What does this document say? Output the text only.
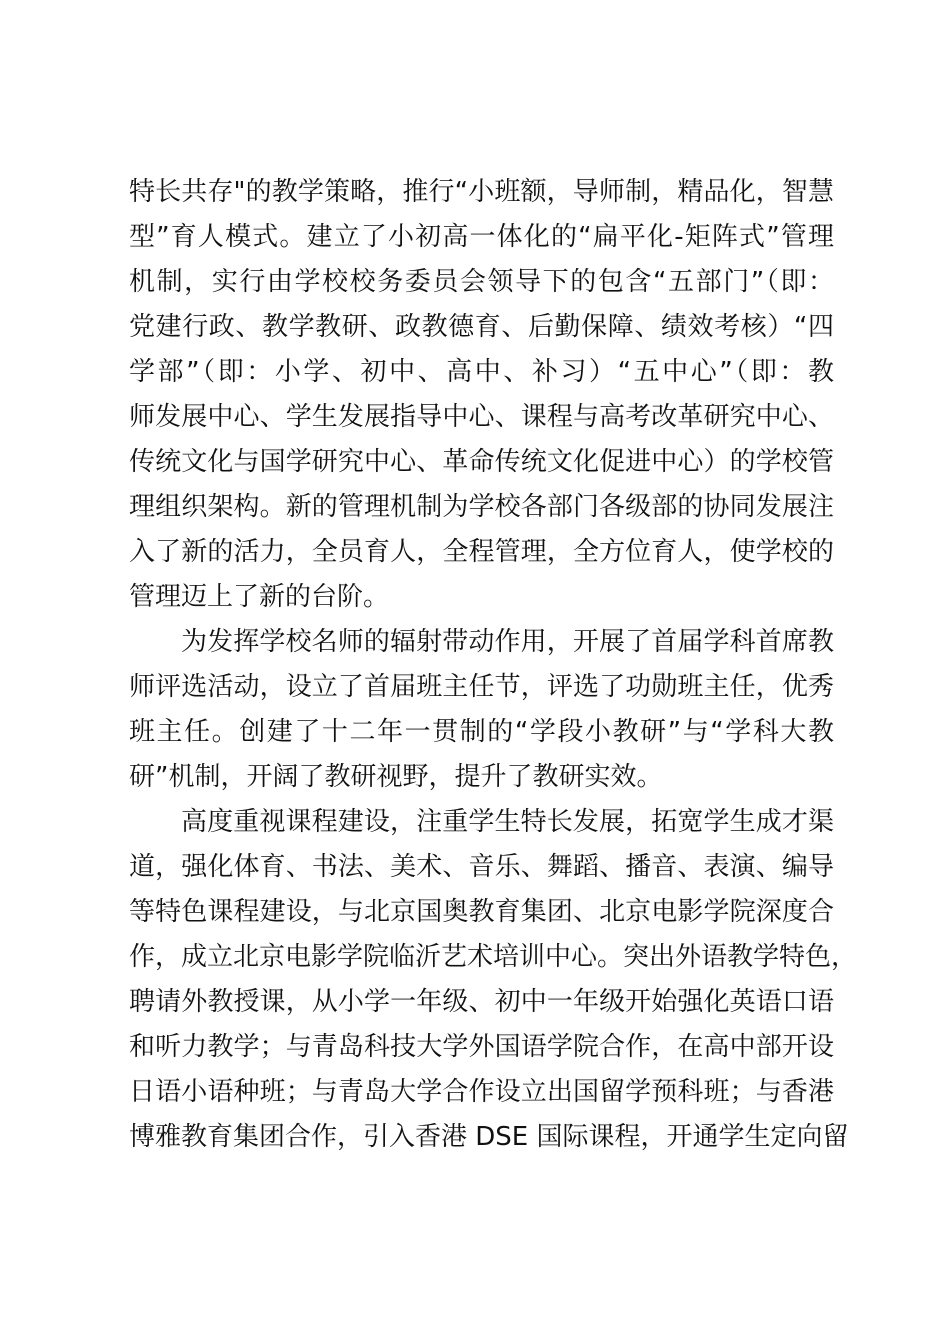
特长共存"的教学策略，推行“小班额，导师制，精品化，智慧
型”育人模式。建立了小初高一体化的“扁平化-矩阵式”管理
机制，实行由学校校务委员会领导下的包含“五部门”（即：
党建行政、教学教研、政教德育、后勤保障、绩效考核）“四
学部”（即：小学、初中、高中、补习）“五中心”（即：教
师发展中心、学生发展指导中心、课程与高考改革研究中心、
传统文化与国学研究中心、革命传统文化促进中心）的学校管
理组织架构。新的管理机制为学校各部门各级部的协同发展注
入了新的活力，全员育人，全程管理，全方位育人，使学校的
管理迈上了新的台阶。
为发挥学校名师的辐射带动作用，开展了首届学科首席教
师评选活动，设立了首届班主任节，评选了功勋班主任，优秀
班主任。创建了十二年一贯制的“学段小教研”与“学科大教
研”机制，开阔了教研视野，提升了教研实效。
高度重视课程建设，注重学生特长发展，拓宽学生成才渠
道，强化体育、书法、美术、音乐、舞蹈、播音、表演、编导
等特色课程建设，与北京国奥教育集团、北京电影学院深度合
作，成立北京电影学院临沂艺术培训中心。突出外语教学特色，
聘请外教授课，从小学一年级、初中一年级开始强化英语口语
和听力教学；与青岛科技大学外国语学院合作，在高中部开设
日语小语种班；与青岛大学合作设立出国留学预科班；与香港
博雅教育集团合作，引入香港 DSE 国际课程，开通学生定向留
